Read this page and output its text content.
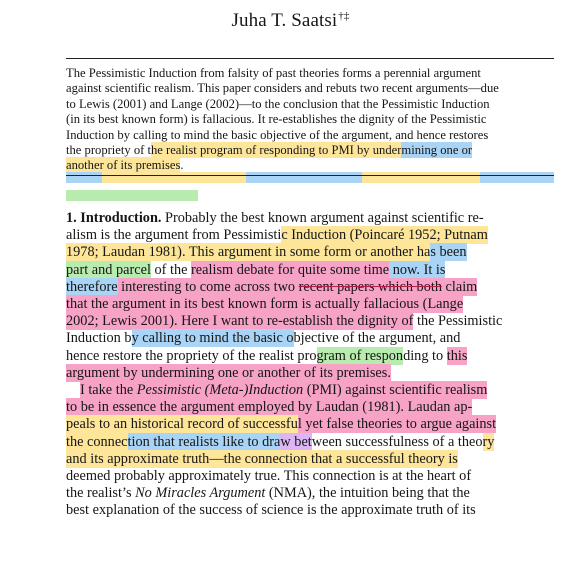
Juha T. Saatsi†‡
The Pessimistic Induction from falsity of past theories forms a perennial argument
against scientific realism. This paper considers and rebuts two recent arguments—due
to Lewis (2001) and Lange (2002)—to the conclusion that the Pessimistic Induction
(in its best known form) is fallacious. It re-establishes the dignity of the Pessimistic
Induction by calling to mind the basic objective of the argument, and hence restores
the propriety of the realist program of responding to PMI by undermining one or
another of its premises.
1. Introduction. Probably the best known argument against scientific re-
alism is the argument from Pessimistic Induction (Poincaré 1952; Putnam
1978; Laudan 1981). This argument in some form or another has been
part and parcel of the realism debate for quite some time now. It is
therefore interesting to come across two recent papers which both claim
that the argument in its best known form is actually fallacious (Lange
2002; Lewis 2001). Here I want to re-establish the dignity of the Pessimistic
Induction by calling to mind the basic objective of the argument, and
hence restore the propriety of the realist program of responding to this
argument by undermining one or another of its premises.
I take the Pessimistic (Meta-)Induction (PMI) against scientific realism
to be in essence the argument employed by Laudan (1981). Laudan ap-
peals to an historical record of successful yet false theories to argue against
the connection that realists like to draw between successfulness of a theory
and its approximate truth—the connection that a successful theory is
deemed probably approximately true. This connection is at the heart of
the realist’s No Miracles Argument (NMA), the intuition being that the
best explanation of the success of science is the approximate truth of its
